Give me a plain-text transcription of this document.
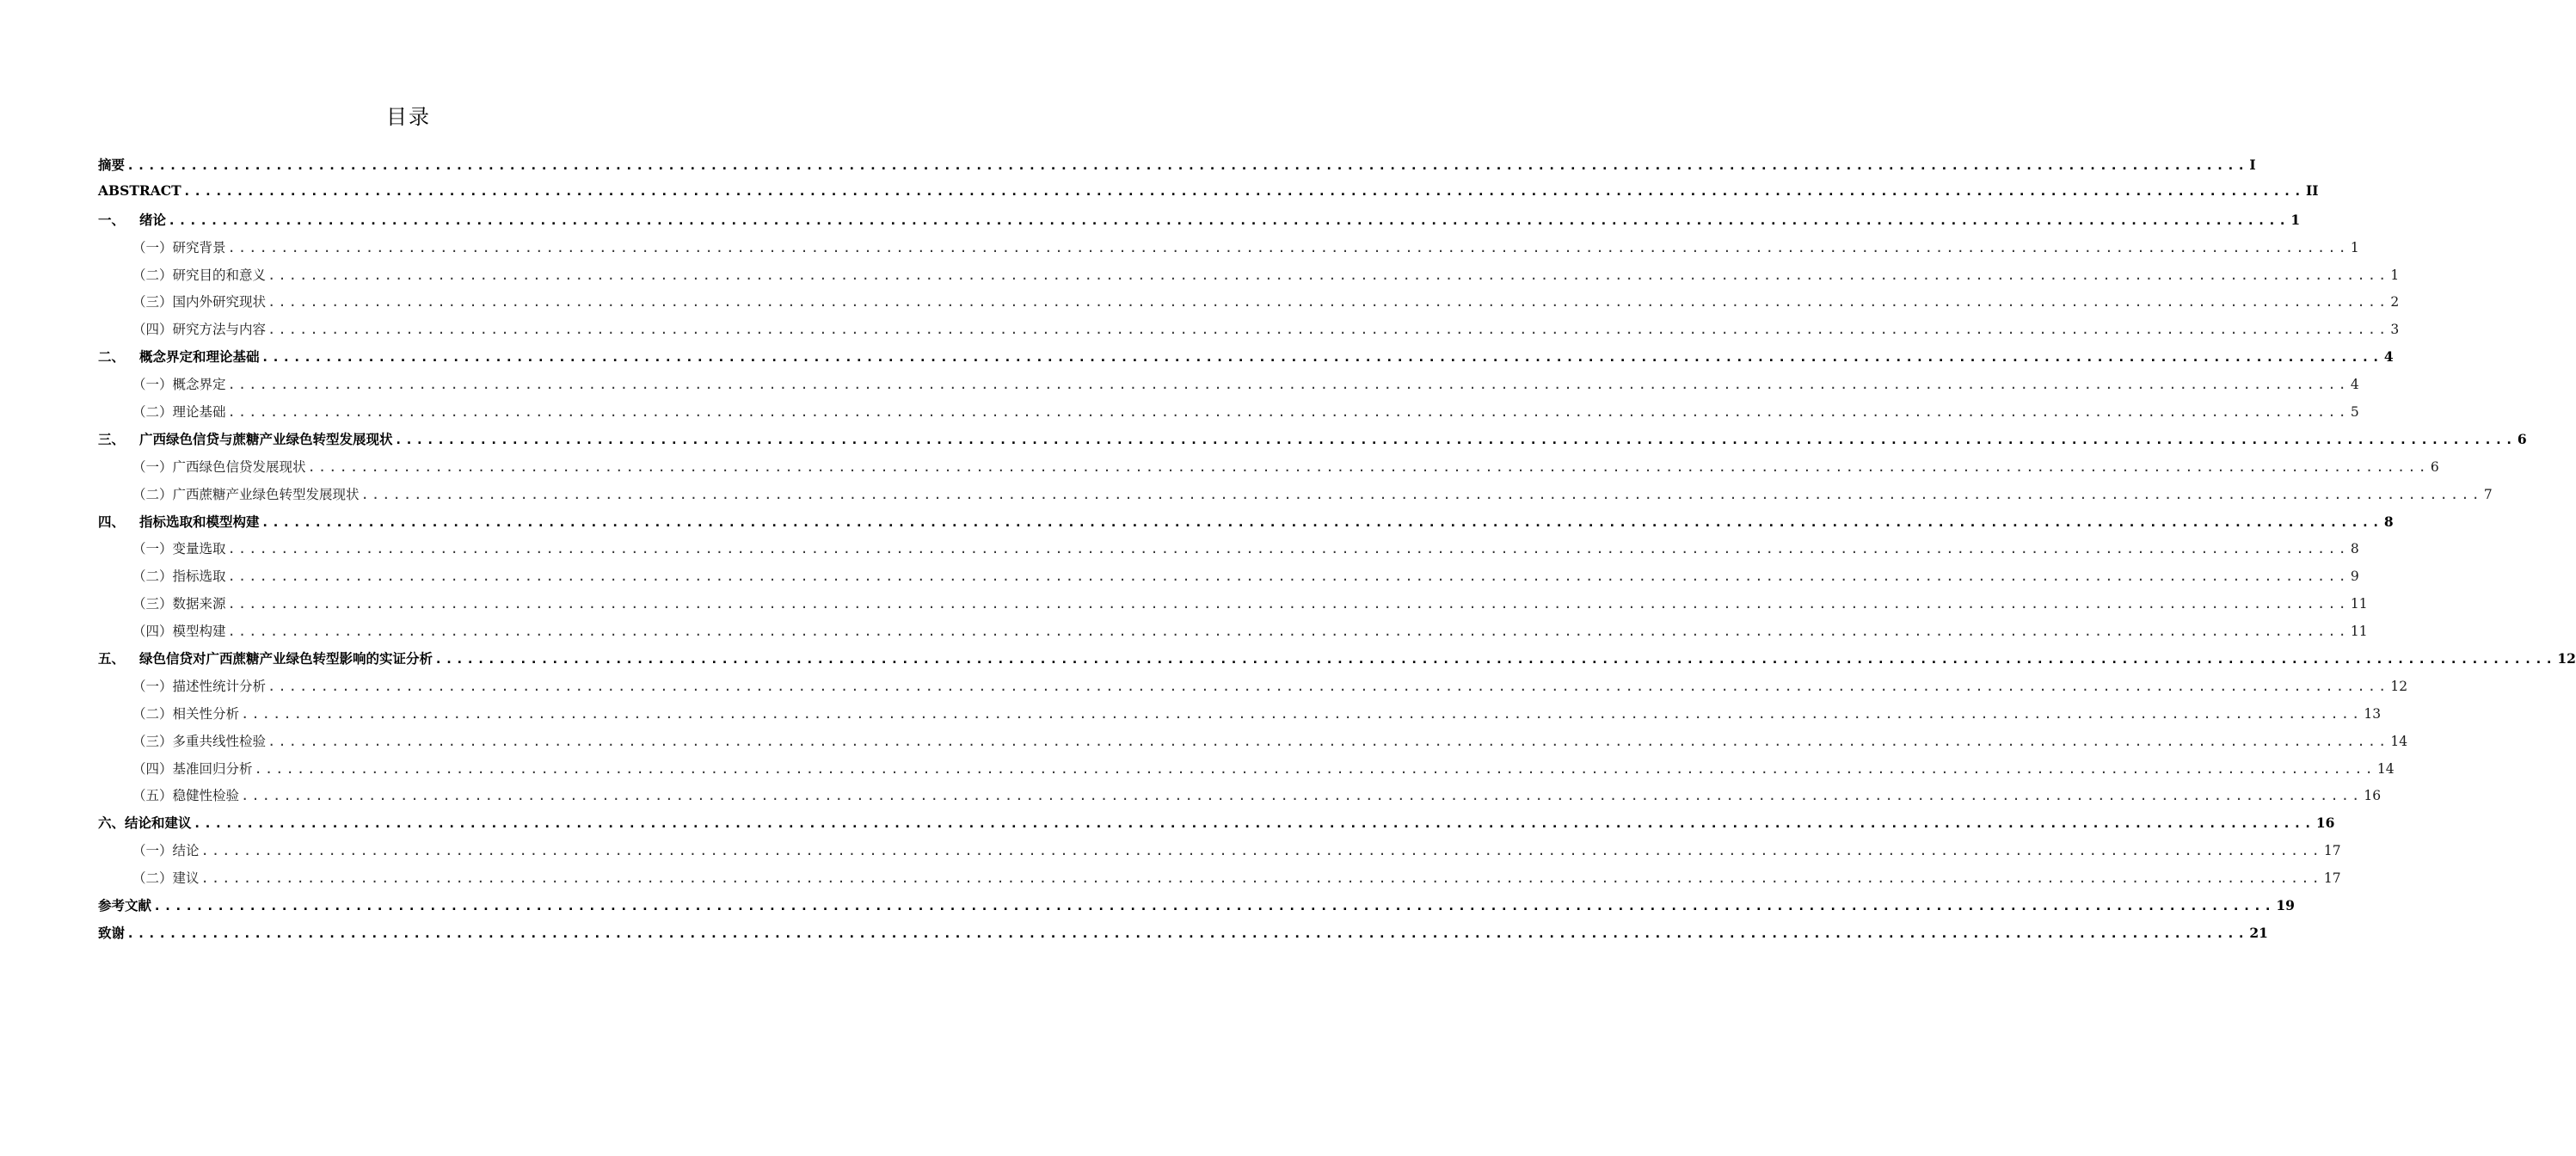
目录
摘要 ........................................................................................................................................................................................................ I
ABSTRACT ........................................................................................................................................................................................................ II
一、	绪论 ........................................................................................................................................................................................................ 1
（一）研究背景 ........................................................................................................................................................................................................ 1
（二）研究目的和意义 ........................................................................................................................................................................................................ 1
（三）国内外研究现状 ........................................................................................................................................................................................................ 2
（四）研究方法与内容 ........................................................................................................................................................................................................ 3
二、	概念界定和理论基础 ........................................................................................................................................................................................................ 4
（一）概念界定 ........................................................................................................................................................................................................ 4
（二）理论基础 ........................................................................................................................................................................................................ 5
三、	广西绿色信贷与蔗糖产业绿色转型发展现状 ........................................................................................................................................................................................................ 6
（一）广西绿色信贷发展现状 ........................................................................................................................................................................................................ 6
（二）广西蔗糖产业绿色转型发展现状 ........................................................................................................................................................................................................ 7
四、	指标选取和模型构建 ........................................................................................................................................................................................................ 8
（一）变量选取 ........................................................................................................................................................................................................ 8
（二）指标选取 ........................................................................................................................................................................................................ 9
（三）数据来源 ........................................................................................................................................................................................................ 11
（四）模型构建 ........................................................................................................................................................................................................ 11
五、	绿色信贷对广西蔗糖产业绿色转型影响的实证分析 ........................................................................................................................................................................................................ 12
（一）描述性统计分析 ........................................................................................................................................................................................................ 12
（二）相关性分析 ........................................................................................................................................................................................................ 13
（三）多重共线性检验 ........................................................................................................................................................................................................ 14
（四）基准回归分析 ........................................................................................................................................................................................................ 14
（五）稳健性检验 ........................................................................................................................................................................................................ 16
六、结论和建议 ........................................................................................................................................................................................................ 16
（一）结论 ........................................................................................................................................................................................................ 17
（二）建议 ........................................................................................................................................................................................................ 17
参考文献 ........................................................................................................................................................................................................ 19
致谢 ........................................................................................................................................................................................................ 21
